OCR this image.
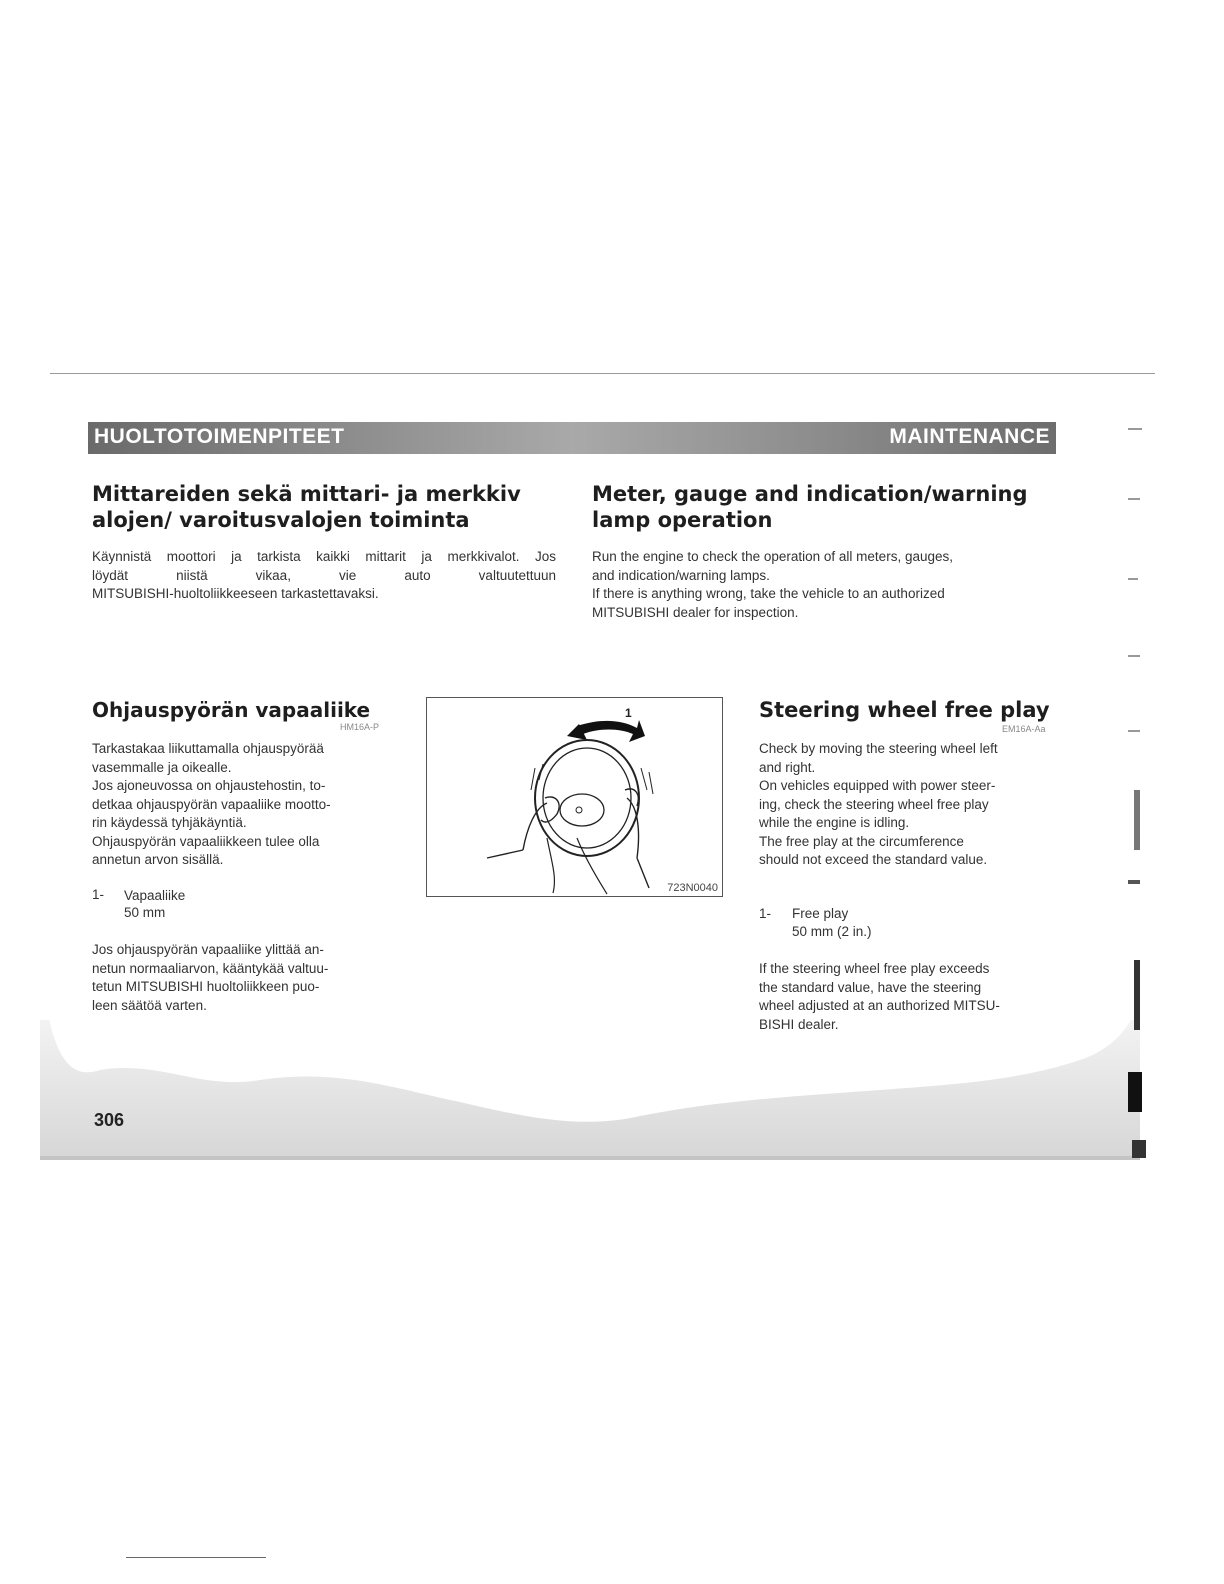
HUOLTOTOIMENPITEET	MAINTENANCE
Mittareiden sekä mittari- ja merkkiv alojen/ varoitusvalojen toiminta
Meter, gauge and indication/warning lamp operation

Käynnistä moottori ja tarkista kaikki mittarit ja merkkivalot. Jos
löydät niistä vikaa, vie auto valtuutettuun
MITSUBISHI-huoltoliikkeeseen tarkastettavaksi.

Run the engine to check the operation of all meters, gauges,
and indication/warning lamps.
If there is anything wrong, take the vehicle to an authorized
MITSUBISHI dealer for inspection.

Ohjauspyörän vapaaliike
HM16A-P

Tarkastakaa liikuttamalla ohjauspyörää
vasemmalle ja oikealle.
Jos ajoneuvossa on ohjaustehostin, to-
detkaa ohjauspyörän vapaaliike mootto-
rin käydessä tyhjäkäyntiä.
Ohjauspyörän vapaaliikkeen tulee olla
annetun arvon sisällä.

1- Vapaaliike
50 mm

Jos ohjauspyörän vapaaliike ylittää an-
netun normaaliarvon, kääntykää valtuu-
tetun MITSUBISHI huoltoliikkeen puo-
leen säätöä varten.

1
723N0040
Steering wheel free play
EM16A-Aa

Check by moving the steering wheel left
and right.
On vehicles equipped with power steer-
ing, check the steering wheel free play
while the engine is idling.
The free play at the circumference
should not exceed the standard value.

1- Free play
50 mm (2 in.)

If the steering wheel free play exceeds
the standard value, have the steering
wheel adjusted at an authorized MITSU-
BISHI dealer.

306
